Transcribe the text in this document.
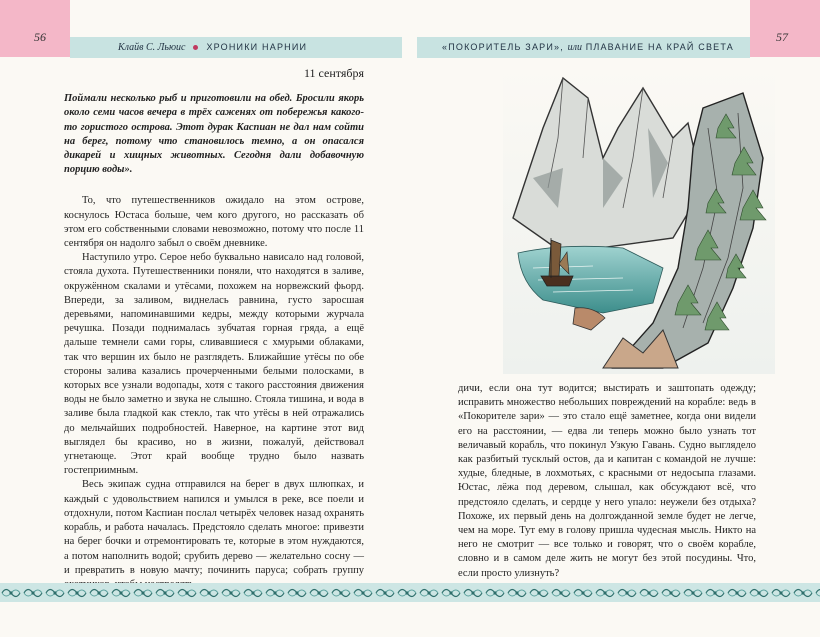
56	57
Клайв С. Льюис ХРОНИКИ НАРНИИ	«ПОКОРИТЕЛЬ ЗАРИ», или ПЛАВАНИЕ НА КРАЙ СВЕТА
11 сентября
Поймали несколько рыб и приготовили на обед. Бросили якорь около семи часов вечера в трёх саженях от побережья какого-то гористого островa. Этот дурак Каспиан не дал нам сойти на берег, потому что становилось темно, а он опасался дикарей и хищных животных. Сегодня дали добавочную порцию воды».

То, что путешественников ожидало на этом острове, коснулось Юстаса больше, чем кого другого, но рассказать об этом его собственными словами невозможно, потому что после 11 сентября он надолго забыл о своём дневнике.

Наступило утро. Серое небо буквально нависало над головой, стояла духота. Путешественники поняли, что находятся в заливе, окружённом скалами и утёсами, похожем на норвежский фьорд. Впереди, за заливом, виднелась равнина, густо заросшая деревьями, напоминавшими кедры, между которыми журчала речушка. Позади поднималась зубчатая горная гряда, а ещё дальше темнели сами горы, сливавшиеся с хмурыми облаками, так что вершин их было не разглядеть. Ближайшие утёсы по обе стороны залива казались прочерченными белыми полосками, в которых все узнали водопады, хотя с такого расстояния движения воды не было заметно и звука не слышно. Стояла тишина, и вода в заливе была гладкой как стекло, так что утёсы в ней отражались до мельчайших подробностей. Наверное, на картине этот вид выглядел бы красиво, но в жизни, пожалуй, действовал угнетающе. Этот край вообще трудно было назвать гостеприимным.

Весь экипаж судна отправился на берег в двух шлюпках, и каждый с удовольствием напился и умылся в реке, все поели и отдохнули, потом Каспиан послал четырёх человек назад охранять корабль, и работа началась. Предстояло сделать многое: привезти на берег бочки и отремонтировать те, которые в этом нуждаются, а потом наполнить водой; срубить дерево — желательно сосну — и превратить в новую мачту; починить парусa; собрать группу

дичи, если она тут водится; выстирать и заштопать одежду; исправить множество небольших повреждений на корабле: ведь в «Покорителе зари» — это стало ещё заметнее, когда они видели его на расстоянии, — едва ли теперь можно было узнать тот величавый корабль, что покинул Узкую Гавань. Судно выглядело как разбитый тусклый остов, да и капитан с командой не лучше: худые, бледные, в лохмотьях, с красными от недосыпа глазами. Юстас, лёжа под деревом, слышал, как обсуждают всё, что предстояло сделать, и сердце у него упало: неужели без отдыха? Похоже, их первый день на долгожданной земле будет не легче, чем на море. Тут ему в голову пришла чудесная мысль. Никто на него не смотрит — все только и говорят, что о своём корабле, словно и в самом деле жить не могут без этой посудины. Что, если просто улизнуть?
